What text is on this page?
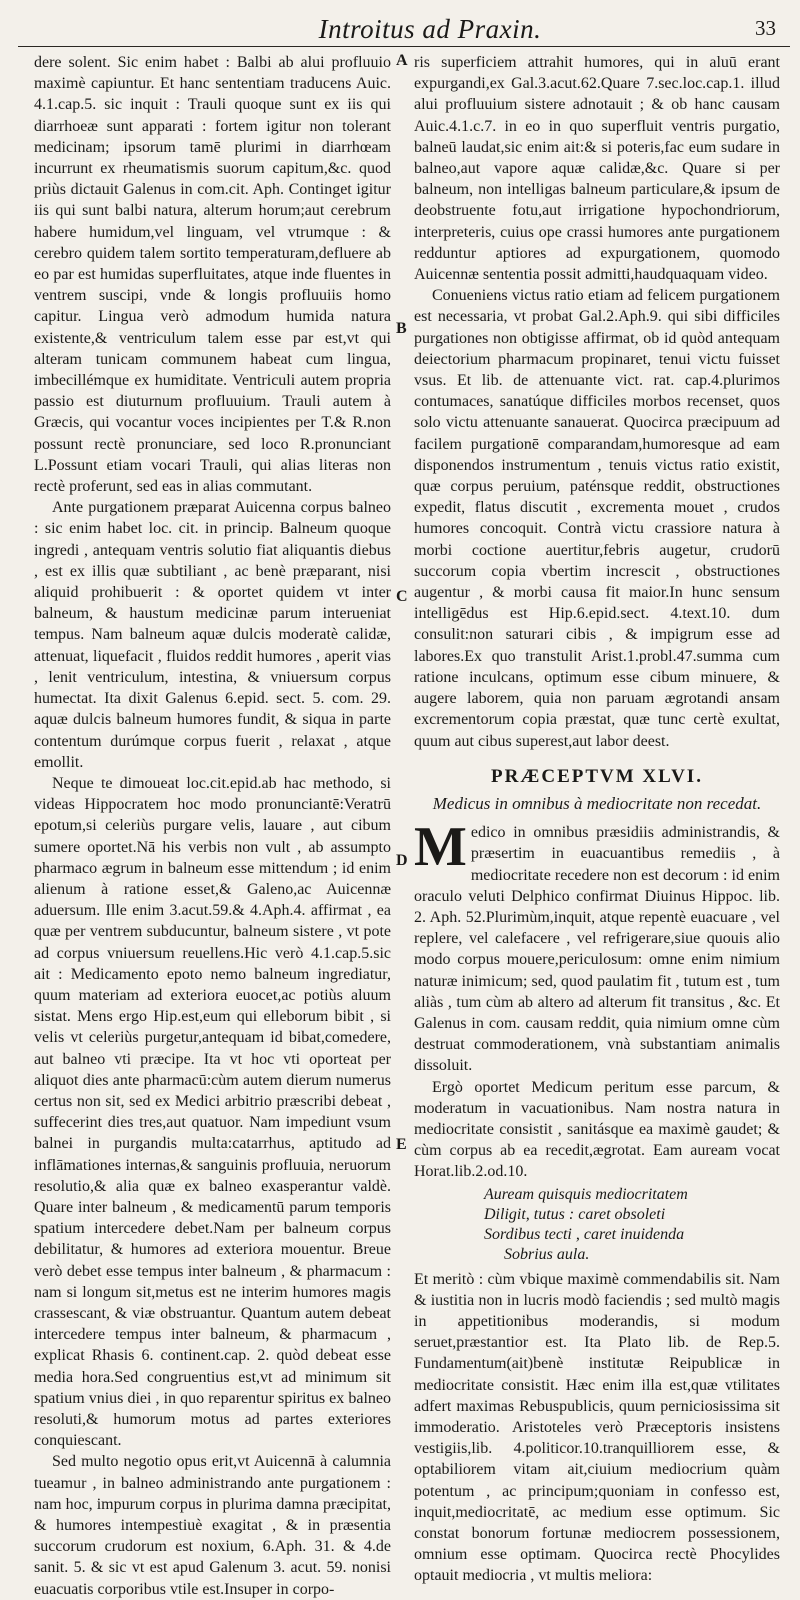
Introitus ad Praxin.	33
A
B
C
D
E

dere solent. Sic enim habet : Balbi ab alui profluuio maximè capiuntur. Et hanc sententiam traducens Auic. 4.1.cap.5. sic inquit : Trauli quoque sunt ex iis qui diarrhoeæ sunt apparati : fortem igitur non tolerant medicinam; ipsorum tamē plurimi in diarrhœam incurrunt ex rheumatismis suorum capitum,&c. quod priùs dictauit Galenus in com.cit. Aph. Continget igitur iis qui sunt balbi natura, alterum horum;aut cerebrum habere humidum,vel linguam, vel vtrumque : & cerebro quidem talem sortito temperaturam,defluere ab eo par est humidas superfluitates, atque inde fluentes in ventrem suscipi, vnde & longis profluuiis homo capitur. Lingua verò admodum humida natura existente,& ventriculum talem esse par est,vt qui alteram tunicam communem habeat cum lingua, imbecillémque ex humiditate. Ventriculi autem propria passio est diuturnum profluuium. Trauli autem à Græcis, qui vocantur voces incipientes per T.& R.non possunt rectè pronunciare, sed loco R.pronunciant L.Possunt etiam vocari Trauli, qui alias literas non rectè proferunt, sed eas in alias commutant.

Ante purgationem præparat Auicenna corpus balneo : sic enim habet loc. cit. in princip. Balneum quoque ingredi , antequam ventris solutio fiat aliquantis diebus , est ex illis quæ subtiliant , ac benè præparant, nisi aliquid prohibuerit : & oportet quidem vt inter balneum, & haustum medicinæ parum interueniat tempus. Nam balneum aquæ dulcis moderatè calidæ, attenuat, liquefacit , fluidos reddit humores , aperit vias , lenit ventriculum, intestina, & vniuersum corpus humectat. Ita dixit Galenus 6.epid. sect. 5. com. 29. aquæ dulcis balneum humores fundit, & siqua in parte contentum durúmque corpus fuerit , relaxat , atque emollit.

Neque te dimoueat loc.cit.epid.ab hac methodo, si videas Hippocratem hoc modo pronunciantē:Veratrū epotum,si celeriùs purgare velis, lauare , aut cibum sumere oportet.Nā his verbis non vult , ab assumpto pharmaco ægrum in balneum esse mittendum ; id enim alienum à ratione esset,& Galeno,ac Auicennæ aduersum. Ille enim 3.acut.59.& 4.Aph.4. affirmat , ea quæ per ventrem subducuntur, balneum sistere , vt pote ad corpus vniuersum reuellens.Hic verò 4.1.cap.5.sic ait : Medicamento epoto nemo balneum ingrediatur, quum materiam ad exteriora euocet,ac potiùs aluum sistat. Mens ergo Hip.est,eum qui elleborum bibit , si velis vt celeriùs purgetur,antequam id bibat,comedere, aut balneo vti præcipe. Ita vt hoc vti oporteat per aliquot dies ante pharmacū:cùm autem dierum numerus certus non sit, sed ex Medici arbitrio præscribi debeat , suffecerint dies tres,aut quatuor. Nam impediunt vsum balnei in purgandis multa:catarrhus, aptitudo ad inflāmationes internas,& sanguinis profluuia, neruorum resolutio,& alia quæ ex balneo exasperantur valdè. Quare inter balneum , & medicamentū parum temporis spatium intercedere debet.Nam per balneum corpus debilitatur, & humores ad exteriora mouentur. Breue verò debet esse tempus inter balneum , & pharmacum : nam si longum sit,metus est ne interim humores magis crassescant, & viæ obstruantur. Quantum autem debeat intercedere tempus inter balneum, & pharmacum , explicat Rhasis 6. continent.cap. 2. quòd debeat esse media hora.Sed congruentius est,vt ad minimum sit spatium vnius diei , in quo reparentur spiritus ex balneo resoluti,& humorum motus ad partes exteriores conquiescant.

Sed multo negotio opus erit,vt Auicennā à calumnia tueamur , in balneo administrando ante purgationem : nam hoc, impurum corpus in plurima damna præcipitat, & humores intempestiuè exagitat , & in præsentia succorum crudorum est noxium, 6.Aph. 31. & 4.de sanit. 5. & sic vt est apud Galenum 3. acut. 59. nonisi euacuatis corporibus vtile est.Insuper in corpo-

ris superficiem attrahit humores, qui in aluū erant expurgandi,ex Gal.3.acut.62.Quare 7.sec.loc.cap.1. illud alui profluuium sistere adnotauit ; & ob hanc causam Auic.4.1.c.7. in eo in quo superfluit ventris purgatio, balneū laudat,sic enim ait:& si poteris,fac eum sudare in balneo,aut vapore aquæ calidæ,&c. Quare si per balneum, non intelligas balneum particulare,& ipsum de deobstruente fotu,aut irrigatione hypochondriorum, interpreteris, cuius ope crassi humores ante purgationem redduntur aptiores ad expurgationem, quomodo Auicennæ sententia possit admitti,haudquaquam video.

Conueniens victus ratio etiam ad felicem purgationem est necessaria, vt probat Gal.2.Aph.9. qui sibi difficiles purgationes non obtigisse affirmat, ob id quòd antequam deiectorium pharmacum propinaret, tenui victu fuisset vsus. Et lib. de attenuante vict. rat. cap.4.plurimos contumaces, sanatúque difficiles morbos recenset, quos solo victu attenuante sanauerat. Quocirca præcipuum ad facilem purgationē comparandam,humoresque ad eam disponendos instrumentum , tenuis victus ratio existit, quæ corpus peruium, paténsque reddit, obstructiones expedit, flatus discutit , excrementa mouet , crudos humores concoquit. Contrà victu crassiore natura à morbi coctione auertitur,febris augetur, crudorū succorum copia vbertim increscit , obstructiones augentur , & morbi causa fit maior.In hunc sensum intelligēdus est Hip.6.epid.sect. 4.text.10. dum consulit:non saturari cibis , & impigrum esse ad labores.Ex quo transtulit Arist.1.probl.47.summa cum ratione inculcans, optimum esse cibum minuere, & augere laborem, quia non paruam ægrotandi ansam excrementorum copia præstat, quæ tunc certè exultat, quum aut cibus superest,aut labor deest.

PRÆCEPTVM XLVI.
Medicus in omnibus à mediocritate non recedat.

Medico in omnibus præsidiis administrandis, & præsertim in euacuantibus remediis , à mediocritate recedere non est decorum : id enim oraculo veluti Delphico confirmat Diuinus Hippoc. lib. 2. Aph. 52.Plurimùm,inquit, atque repentè euacuare , vel replere, vel calefacere , vel refrigerare,siue quouis alio modo corpus mouere,periculosum: omne enim nimium naturæ inimicum; sed, quod paulatim fit , tutum est , tum aliàs , tum cùm ab altero ad alterum fit transitus , &c. Et Galenus in com. causam reddit, quia nimium omne cùm destruat commoderationem, vnà substantiam animalis dissoluit.

Ergò oportet Medicum peritum esse parcum, & moderatum in vacuationibus. Nam nostra natura in mediocritate consistit , sanitásque ea maximè gaudet; & cùm corpus ab ea recedit,ægrotat. Eam auream vocat Horat.lib.2.od.10.

Auream quisquis mediocritatem
Diligit, tutus : caret obsoleti
Sordibus tecti , caret inuidenda
Sobrius aula.

Et meritò : cùm vbique maximè commendabilis sit. Nam & iustitia non in lucris modò faciendis ; sed multò magis in appetitionibus moderandis, si modum seruet,præstantior est. Ita Plato lib. de Rep.5. Fundamentum(ait)benè institutæ Reipublicæ in mediocritate consistit. Hæc enim illa est,quæ vtilitates adfert maximas Rebuspublicis, quum perniciosissima sit immoderatio. Aristoteles verò Præceptoris insistens vestigiis,lib. 4.politicor.10.tranquilliorem esse, & optabiliorem vitam ait,ciuium mediocrium quàm potentum , ac principum;quoniam in confesso est, inquit,mediocritatē, ac medium esse optimum. Sic constat bonorum fortunæ mediocrem possessionem, omnium esse optimam. Quocirca rectè Phocylides optauit mediocria , vt multis meliora:
